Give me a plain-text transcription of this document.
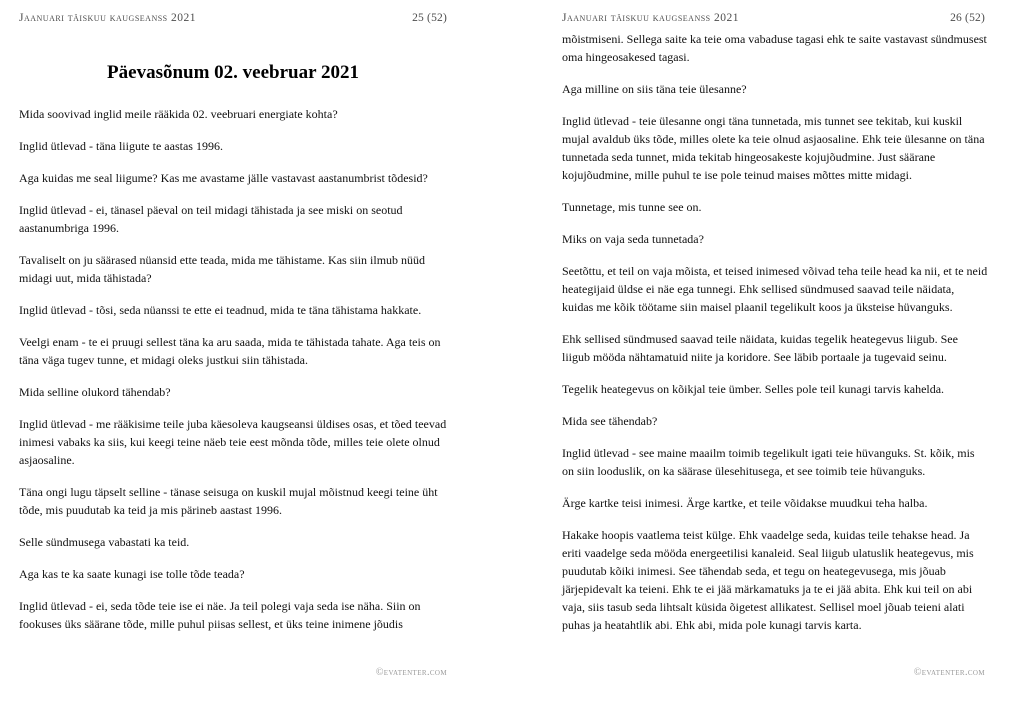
Jaanuari täiskuu kaugseanss 2021	25 (52)
Päevasõnum 02. veebruar 2021

Mida soovivad inglid meile rääkida 02. veebruari energiate kohta?

Inglid ütlevad - täna liigute te aastas 1996.

Aga kuidas me seal liigume? Kas me avastame jälle vastavast aastanumbrist tõdesid?

Inglid ütlevad - ei, tänasel päeval on teil midagi tähistada ja see miski on seotud aastanumbriga 1996.

Tavaliselt on ju säärased nüansid ette teada, mida me tähistame. Kas siin ilmub nüüd midagi uut, mida tähistada?

Inglid ütlevad - tõsi, seda nüanssi te ette ei teadnud, mida te täna tähistama hakkate.

Veelgi enam - te ei pruugi sellest täna ka aru saada, mida te tähistada tahate. Aga teis on täna väga tugev tunne, et midagi oleks justkui siin tähistada.

Mida selline olukord tähendab?

Inglid ütlevad - me rääkisime teile juba käesoleva kaugseansi üldises osas, et tõed teevad inimesi vabaks ka siis, kui keegi teine näeb teie eest mõnda tõde, milles teie olete olnud asjaosaline.

Täna ongi lugu täpselt selline - tänase seisuga on kuskil mujal mõistnud keegi teine üht tõde, mis puudutab ka teid ja mis pärineb aastast 1996.

Selle sündmusega vabastati ka teid.

Aga kas te ka saate kunagi ise tolle tõde teada?

Inglid ütlevad - ei, seda tõde teie ise ei näe. Ja teil polegi vaja seda ise näha. Siin on fookuses üks säärane tõde, mille puhul piisas sellest, et üks teine inimene jõudis

©evatenter.com
Jaanuari täiskuu kaugseanss 2021	26 (52)

mõistmiseni. Sellega saite ka teie oma vabaduse tagasi ehk te saite vastavast sündmusest oma hingeosakesed tagasi.

Aga milline on siis täna teie ülesanne?

Inglid ütlevad - teie ülesanne ongi täna tunnetada, mis tunnet see tekitab, kui kuskil mujal avaldub üks tõde, milles olete ka teie olnud asjaosaline. Ehk teie ülesanne on täna tunnetada seda tunnet, mida tekitab hingeosakeste kojujõudmine. Just säärane kojujõudmine, mille puhul te ise pole teinud maises mõttes mitte midagi.

Tunnetage, mis tunne see on.

Miks on vaja seda tunnetada?

Seetõttu, et teil on vaja mõista, et teised inimesed võivad teha teile head ka nii, et te neid heategijaid üldse ei näe ega tunnegi. Ehk sellised sündmused saavad teile näidata, kuidas me kõik töötame siin maisel plaanil tegelikult koos ja üksteise hüvanguks.

Ehk sellised sündmused saavad teile näidata, kuidas tegelik heategevus liigub. See liigub mööda nähtamatuid niite ja koridore. See läbib portaale ja tugevaid seinu.

Tegelik heategevus on kõikjal teie ümber. Selles pole teil kunagi tarvis kahelda.

Mida see tähendab?

Inglid ütlevad - see maine maailm toimib tegelikult igati teie hüvanguks. St. kõik, mis on siin looduslik, on ka säärase ülesehitusega, et see toimib teie hüvanguks.

Ärge kartke teisi inimesi. Ärge kartke, et teile võidakse muudkui teha halba.

Hakake hoopis vaatlema teist külge. Ehk vaadelge seda, kuidas teile tehakse head. Ja eriti vaadelge seda mööda energeetilisi kanaleid. Seal liigub ulatuslik heategevus, mis puudutab kõiki inimesi. See tähendab seda, et tegu on heategevusega, mis jõuab järjepidevalt ka teieni. Ehk te ei jää märkamatuks ja te ei jää abita. Ehk kui teil on abi vaja, siis tasub seda lihtsalt küsida õigetest allikatest. Sellisel moel jõuab teieni alati puhas ja heatahtlik abi. Ehk abi, mida pole kunagi tarvis karta.

©evatenter.com
